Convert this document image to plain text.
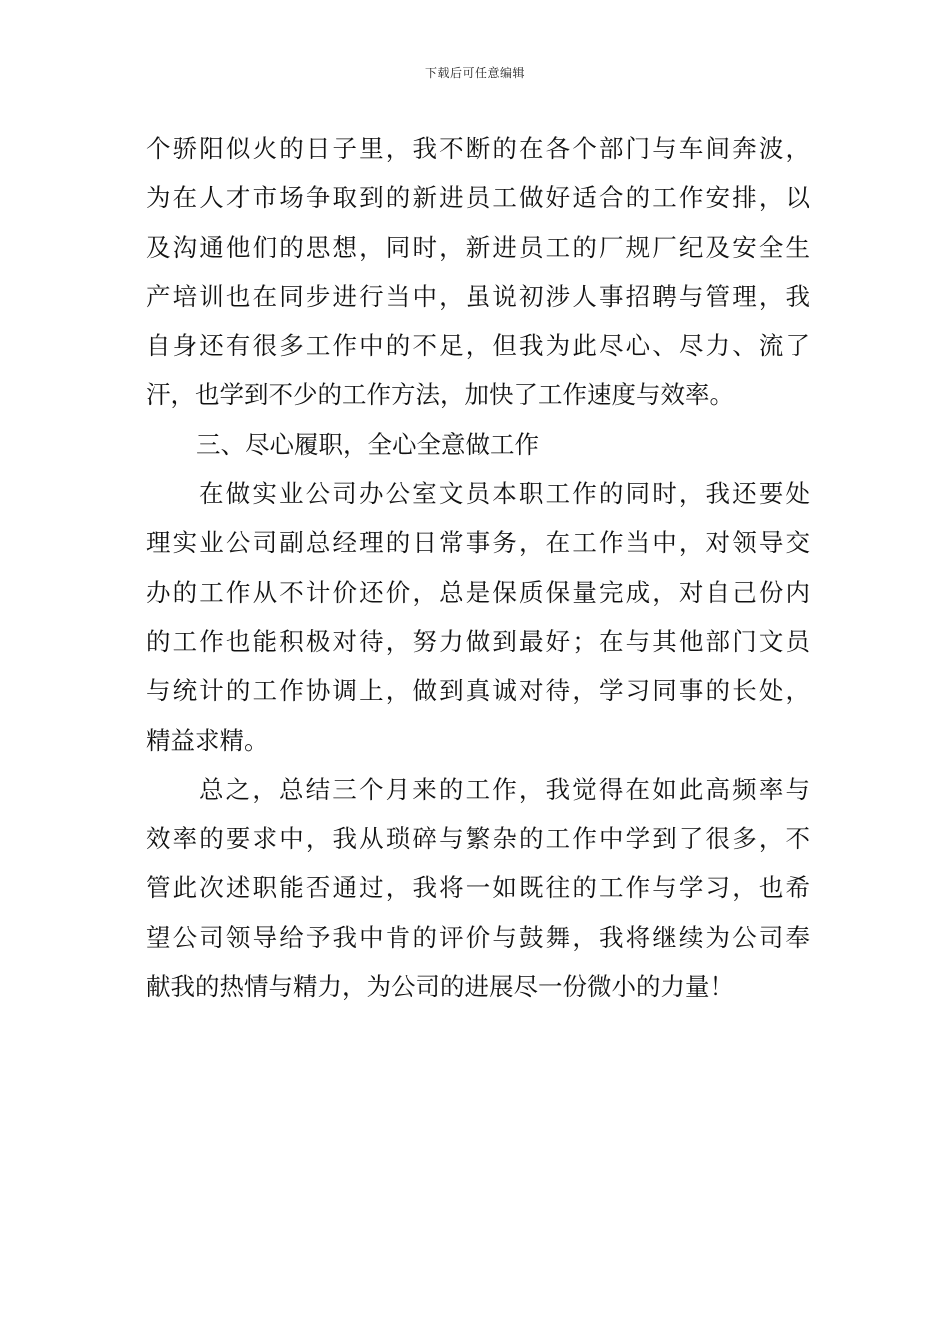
下载后可任意编辑
个骄阳似火的日子里，我不断的在各个部门与车间奔波，
为在人才市场争取到的新进员工做好适合的工作安排，以
及沟通他们的思想，同时，新进员工的厂规厂纪及安全生
产培训也在同步进行当中，虽说初涉人事招聘与管理，我
自身还有很多工作中的不足，但我为此尽心、尽力、流了
汗，也学到不少的工作方法，加快了工作速度与效率。
三、尽心履职，全心全意做工作
在做实业公司办公室文员本职工作的同时，我还要处
理实业公司副总经理的日常事务，在工作当中，对领导交
办的工作从不计价还价，总是保质保量完成，对自己份内
的工作也能积极对待，努力做到最好；在与其他部门文员
与统计的工作协调上，做到真诚对待，学习同事的长处，
精益求精。
总之，总结三个月来的工作，我觉得在如此高频率与
效率的要求中，我从琐碎与繁杂的工作中学到了很多，不
管此次述职能否通过，我将一如既往的工作与学习，也希
望公司领导给予我中肯的评价与鼓舞，我将继续为公司奉
献我的热情与精力，为公司的进展尽一份微小的力量！
